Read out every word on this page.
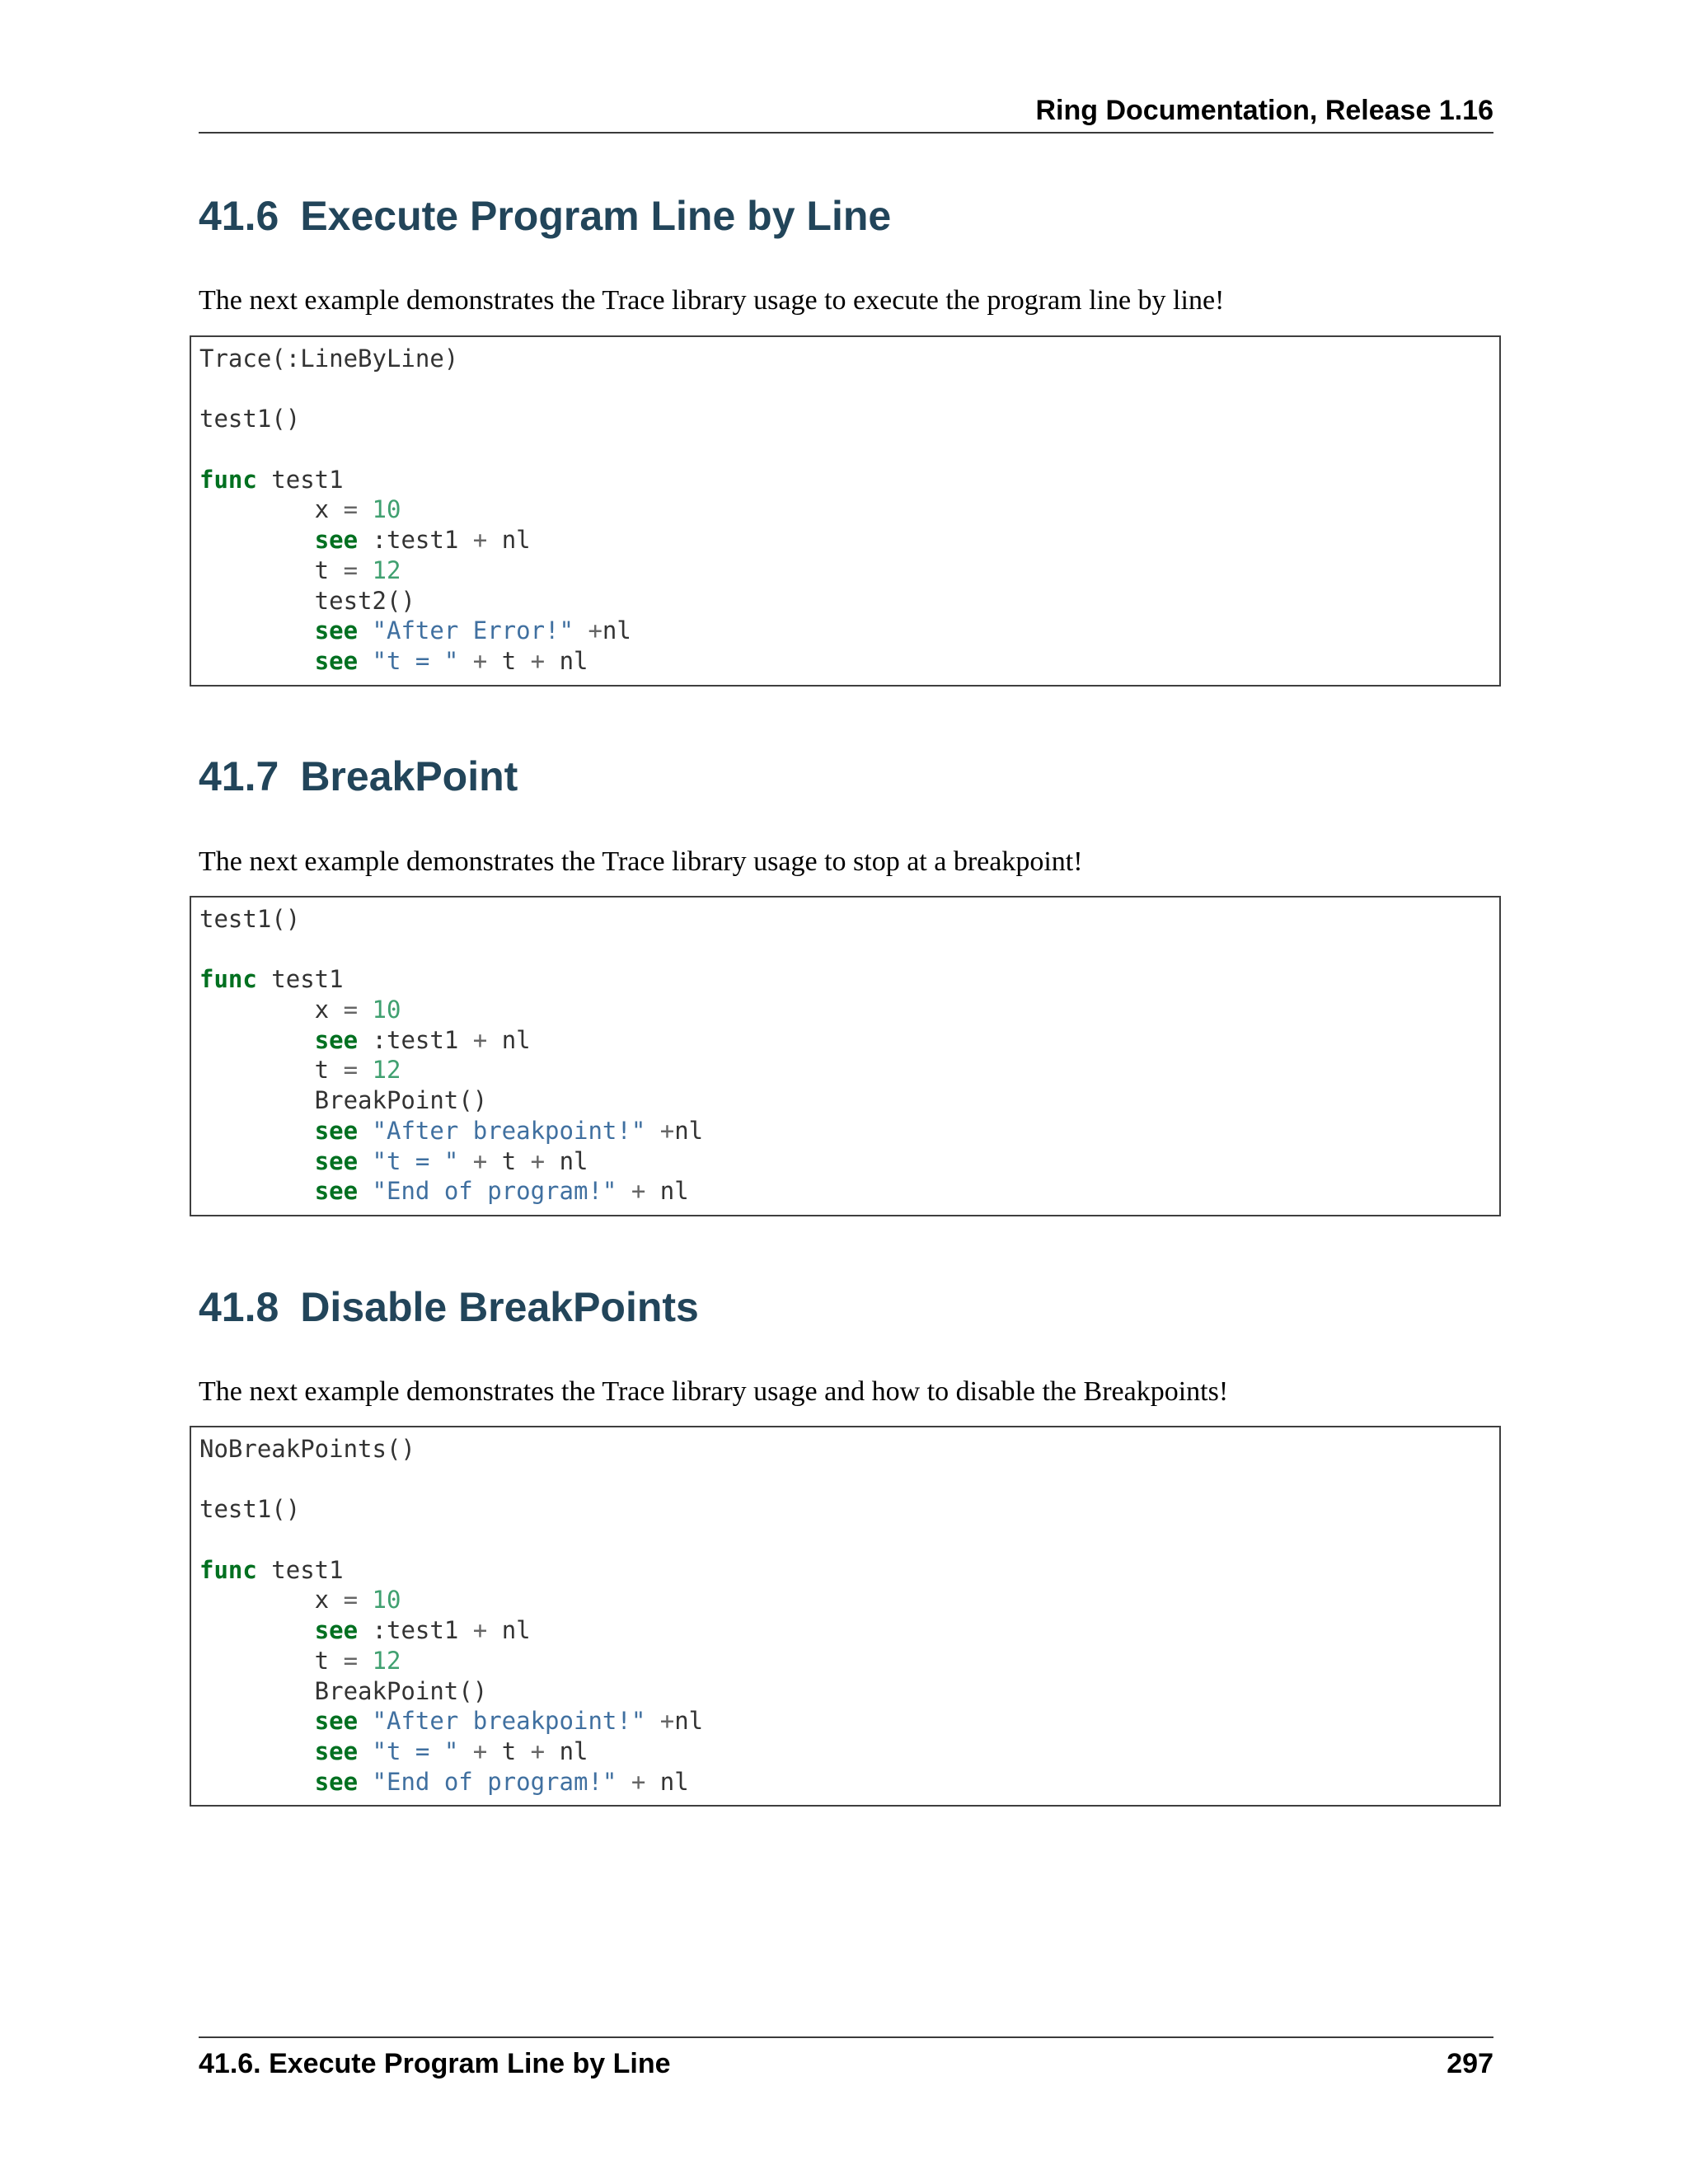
Ring Documentation, Release 1.16
41.6 Execute Program Line by Line

The next example demonstrates the Trace library usage to execute the program line by line!

Trace(:LineByLine)

test1()

func test1
x = 10
see :test1 + nl
t = 12
test2()
see "After Error!" +nl
see "t = " + t + nl
41.7 BreakPoint

The next example demonstrates the Trace library usage to stop at a breakpoint!

test1()

func test1
x = 10
see :test1 + nl
t = 12
BreakPoint()
see "After breakpoint!" +nl
see "t = " + t + nl
see "End of program!" + nl
41.8 Disable BreakPoints

The next example demonstrates the Trace library usage and how to disable the Breakpoints!

NoBreakPoints()

test1()

func test1
x = 10
see :test1 + nl
t = 12
BreakPoint()
see "After breakpoint!" +nl
see "t = " + t + nl
see "End of program!" + nl
41.6. Execute Program Line by Line	297
